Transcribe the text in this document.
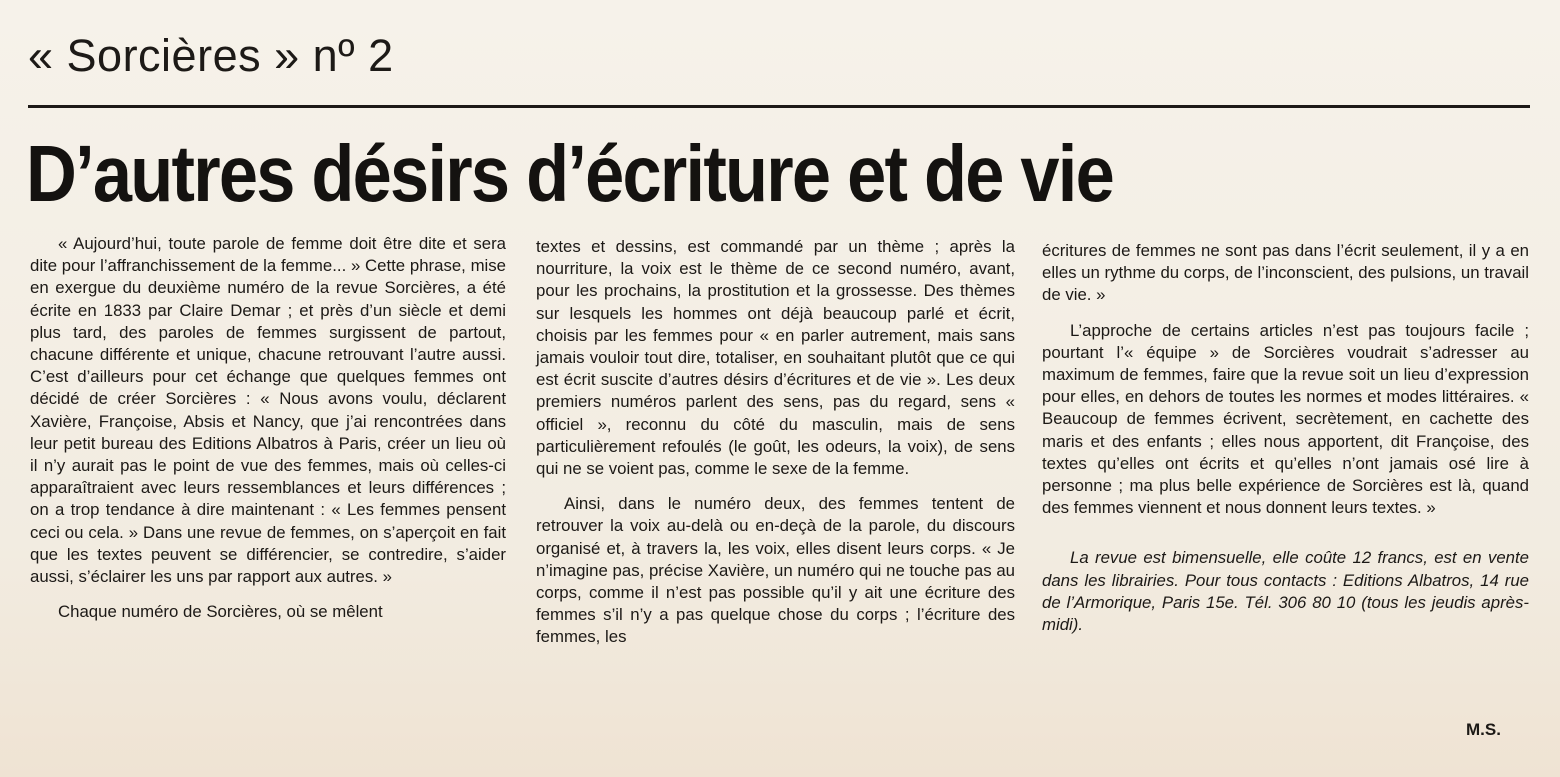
« Sorcières » nº 2
D’autres désirs d’écriture et de vie

« Aujourd’hui, toute parole de femme doit être dite et sera dite pour l’affranchissement de la femme... » Cette phrase, mise en exergue du deuxième numéro de la revue Sorcières, a été écrite en 1833 par Claire Demar ; et près d’un siècle et demi plus tard, des paroles de femmes surgissent de partout, chacune différente et unique, chacune retrouvant l’autre aussi. C’est d’ailleurs pour cet échange que quelques femmes ont décidé de créer Sorcières : « Nous avons voulu, déclarent Xavière, Françoise, Absis et Nancy, que j’ai rencontrées dans leur petit bureau des Editions Albatros à Paris, créer un lieu où il n’y aurait pas le point de vue des femmes, mais où celles-ci apparaîtraient avec leurs ressemblances et leurs différences ; on a trop tendance à dire maintenant : « Les femmes pensent ceci ou cela. » Dans une revue de femmes, on s’aperçoit en fait que les textes peuvent se différencier, se contredire, s’aider aussi, s’éclairer les uns par rapport aux autres. »

Chaque numéro de Sorcières, où se mêlent

textes et dessins, est commandé par un thème ; après la nourriture, la voix est le thème de ce second numéro, avant, pour les prochains, la prostitution et la grossesse. Des thèmes sur lesquels les hommes ont déjà beaucoup parlé et écrit, choisis par les femmes pour « en parler autrement, mais sans jamais vouloir tout dire, totaliser, en souhaitant plutôt que ce qui est écrit suscite d’autres désirs d’écritures et de vie ». Les deux premiers numéros parlent des sens, pas du regard, sens « officiel », reconnu du côté du masculin, mais de sens particulièrement refoulés (le goût, les odeurs, la voix), de sens qui ne se voient pas, comme le sexe de la femme.

Ainsi, dans le numéro deux, des femmes tentent de retrouver la voix au-delà ou en-deçà de la parole, du discours organisé et, à travers la, les voix, elles disent leurs corps. « Je n’imagine pas, précise Xavière, un numéro qui ne touche pas au corps, comme il n’est pas possible qu’il y ait une écriture des femmes s’il n’y a pas quelque chose du corps ; l’écriture des femmes, les

écritures de femmes ne sont pas dans l’écrit seulement, il y a en elles un rythme du corps, de l’inconscient, des pulsions, un travail de vie. »

L’approche de certains articles n’est pas toujours facile ; pourtant l’« équipe » de Sorcières voudrait s’adresser au maximum de femmes, faire que la revue soit un lieu d’expression pour elles, en dehors de toutes les normes et modes littéraires. « Beaucoup de femmes écrivent, secrètement, en cachette des maris et des enfants ; elles nous apportent, dit Françoise, des textes qu’elles ont écrits et qu’elles n’ont jamais osé lire à personne ; ma plus belle expérience de Sorcières est là, quand des femmes viennent et nous donnent leurs textes. »

La revue est bimensuelle, elle coûte 12 francs, est en vente dans les librairies. Pour tous contacts : Editions Albatros, 14 rue de l’Armorique, Paris 15e. Tél. 306 80 10 (tous les jeudis après-midi).

M.S.
